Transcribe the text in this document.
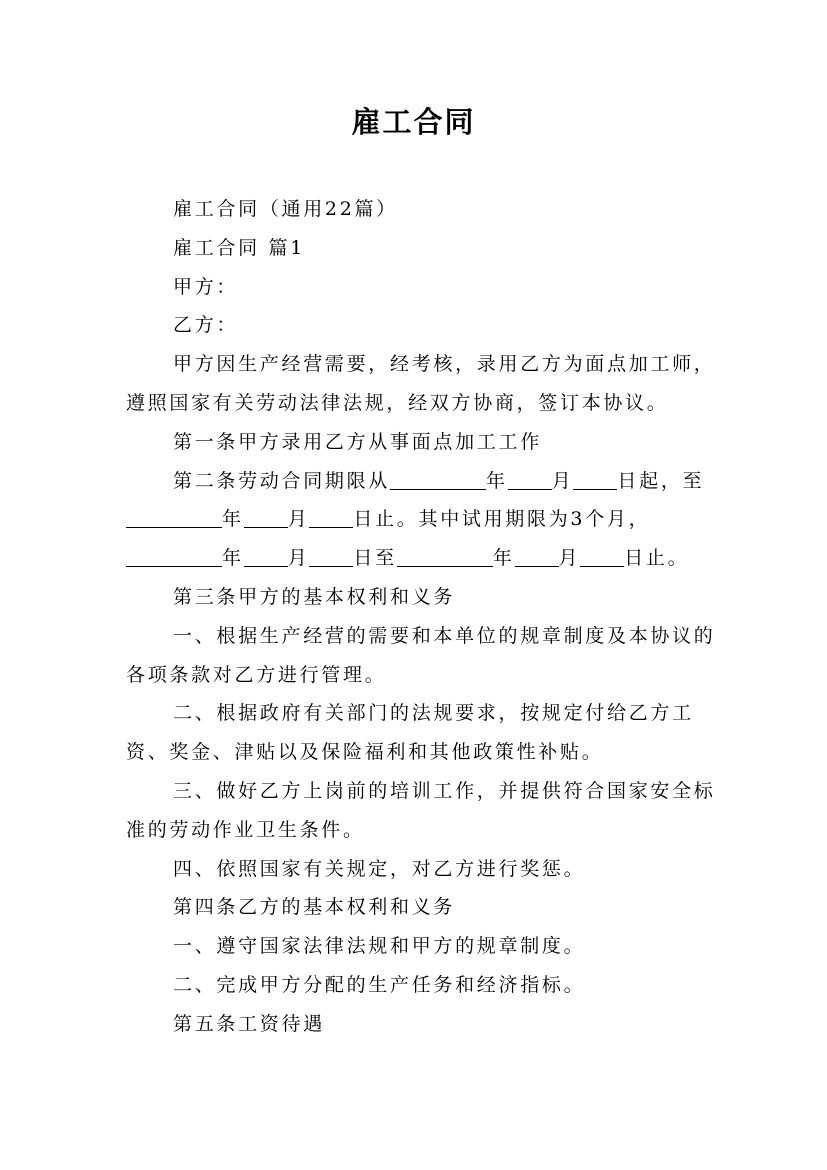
雇工合同

雇工合同（通用22篇）

雇工合同 篇1

甲方：

乙方：

甲方因生产经营需要，经考核，录用乙方为面点加工师，遵照国家有关劳动法律法规，经双方协商，签订本协议。

第一条甲方录用乙方从事面点加工工作

第二条劳动合同期限从	年 月 日起，至年 月 日止。其中试用期限为3个月，年 月 日至	年 月 日止。

第三条甲方的基本权利和义务

一、根据生产经营的需要和本单位的规章制度及本协议的各项条款对乙方进行管理。

二、根据政府有关部门的法规要求，按规定付给乙方工资、奖金、津贴以及保险福利和其他政策性补贴。

三、做好乙方上岗前的培训工作，并提供符合国家安全标准的劳动作业卫生条件。

四、依照国家有关规定，对乙方进行奖惩。

第四条乙方的基本权利和义务

一、遵守国家法律法规和甲方的规章制度。

二、完成甲方分配的生产任务和经济指标。

第五条工资待遇
